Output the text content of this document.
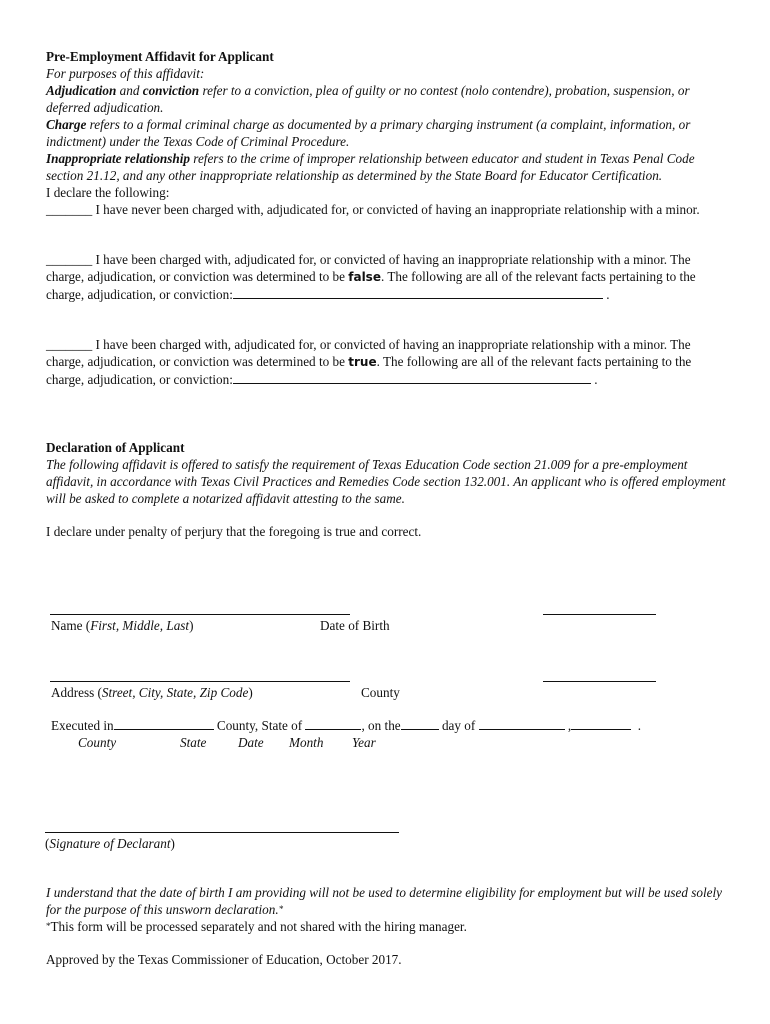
Pre-Employment Affidavit for Applicant

For purposes of this affidavit:

Adjudication and conviction refer to a conviction, plea of guilty or no contest (nolo contendre), probation, suspension, or deferred adjudication.

Charge refers to a formal criminal charge as documented by a primary charging instrument (a complaint, information, or indictment) under the Texas Code of Criminal Procedure.

Inappropriate relationship refers to the crime of improper relationship between educator and student in Texas Penal Code section 21.12, and any other inappropriate relationship as determined by the State Board for Educator Certification.

I declare the following:

_______ I have never been charged with, adjudicated for, or convicted of having an inappropriate relationship with a minor.

_______ I have been charged with, adjudicated for, or convicted of having an inappropriate relationship with a minor. The charge, adjudication, or conviction was determined to be false. The following are all of the relevant facts pertaining to the charge, adjudication, or conviction:	.

_______ I have been charged with, adjudicated for, or convicted of having an inappropriate relationship with a minor. The charge, adjudication, or conviction was determined to be true. The following are all of the relevant facts pertaining to the charge, adjudication, or conviction:	.

Declaration of Applicant

The following affidavit is offered to satisfy the requirement of Texas Education Code section 21.009 for a pre-employment affidavit, in accordance with Texas Civil Practices and Remedies Code section 132.001. An applicant who is offered employment will be asked to complete a notarized affidavit attesting to the same.

I declare under penalty of perjury that the foregoing is true and correct.

Name (First, Middle, Last)	Date of Birth
Address (Street, City, State, Zip Code)	County
Executed in	County, State of	, on the	day of	,	.
County	State Date Month Year
(Signature of Declarant)

I understand that the date of birth I am providing will not be used to determine eligibility for employment but will be used solely for the purpose of this unsworn declaration.*

*This form will be processed separately and not shared with the hiring manager.

Approved by the Texas Commissioner of Education, October 2017.
